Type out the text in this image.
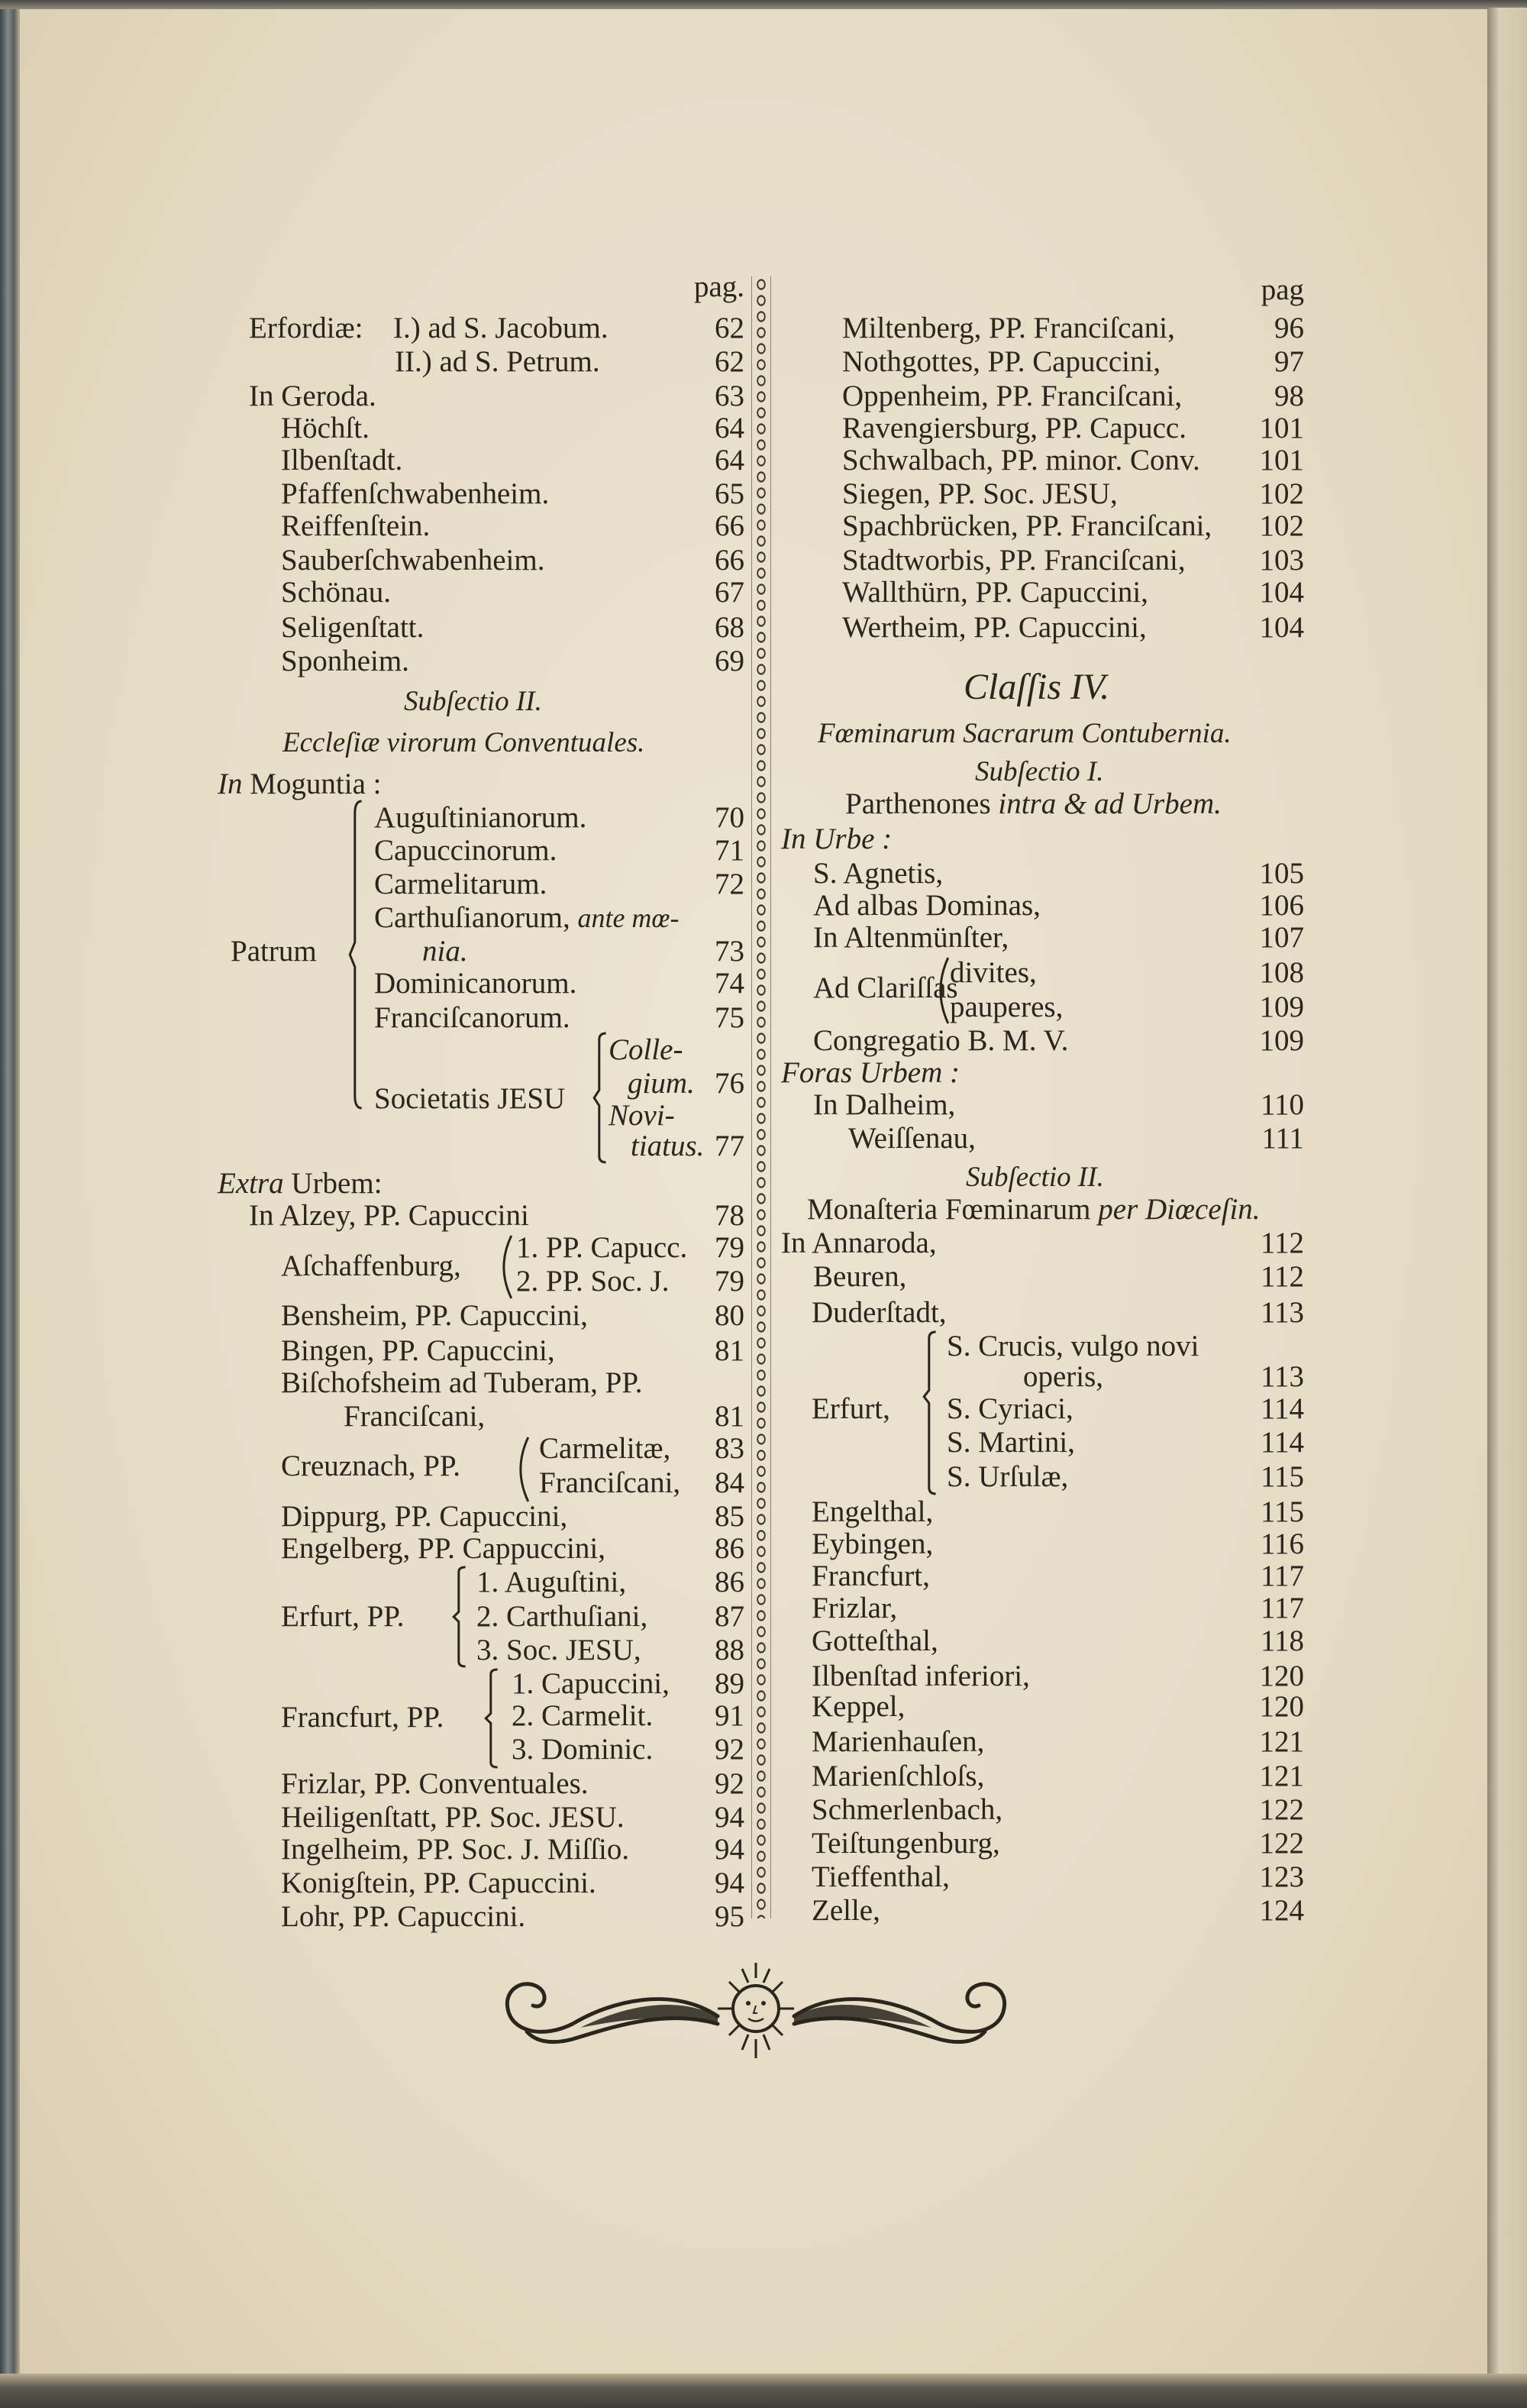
pag.
Erfordiæ: I.) ad S. Jacobum.	62
II.) ad S. Petrum.	62
In Geroda.	63
Höchſt.	64
Ilbenſtadt.	64
Pfaffenſchwabenheim.	65
Reiffenſtein.	66
Sauberſchwabenheim.	66
Schönau.	67
Seligenſtatt.	68
Sponheim.	69
Subſectio II.
Eccleſiæ virorum Conventuales.
In Moguntia :
Patrum
Auguſtinianorum.	70
Capuccinorum.	71
Carmelitarum.	72
Carthuſianorum, ante mœ-
nia.	73
Dominicanorum.	74
Franciſcanorum.	75
Societatis JESU
Colle-
gium. 76
Novi-
tiatus. 77
Extra Urbem:
In Alzey, PP. Capuccini	78
Aſchaffenburg,
1. PP. Capucc. 79
2. PP. Soc. J. 79
Bensheim, PP. Capuccini,	80
Bingen, PP. Capuccini,	81
Biſchofsheim ad Tuberam, PP.
Franciſcani,	81
Creuznach, PP.
Carmelitæ, 83
Franciſcani, 84
Dippurg, PP. Capuccini,	85
Engelberg, PP. Cappuccini,	86
Erfurt, PP.
1. Auguſtini,	86
2. Carthuſiani, 87
3. Soc. JESU, 88
Francfurt, PP.
1. Capuccini, 89
2. Carmelit. 91
3. Dominic. 92
Frizlar, PP. Conventuales.	92
Heiligenſtatt, PP. Soc. JESU.	94
Ingelheim, PP. Soc. J. Miſſio.	94
Konigſtein, PP. Capuccini.	94
Lohr, PP. Capuccini.	95
pag
Miltenberg, PP. Franciſcani,	96
Nothgottes, PP. Capuccini,	97
Oppenheim, PP. Franciſcani,	98
Ravengiersburg, PP. Capucc. 101
Schwalbach, PP. minor. Conv. 101
Siegen, PP. Soc. JESU,	102
Spachbrücken, PP. Franciſcani, 102
Stadtworbis, PP. Franciſcani, 103
Wallthürn, PP. Capuccini,	104
Wertheim, PP. Capuccini,	104
Claſſis IV.
Fœminarum Sacrarum Contubernia.
Subſectio I.
Parthenones intra & ad Urbem.
In Urbe :
S. Agnetis,	105
Ad albas Dominas,	106
In Altenmünſter,	107
Ad Clariſſas
divites,	108
pauperes,	109
Congregatio B. M. V.	109
Foras Urbem :
In Dalheim,	110
Weiſſenau,	111
Subſectio II.
Monaſteria Fœminarum per Diœceſin.
In Annaroda,	112
Beuren,	112
Duderſtadt,	113
Erfurt,
S. Crucis, vulgo novi
operis,	113
S. Cyriaci,	114
S. Martini,	114
S. Urſulæ,	115
Engelthal,	115
Eybingen,	116
Francfurt,	117
Frizlar,	117
Gotteſthal,	118
Ilbenſtad inferiori,	120
Keppel,	120
Marienhauſen,	121
Marienſchloſs,	121
Schmerlenbach,	122
Teiſtungenburg,	122
Tieffenthal,	123
Zelle,	124
